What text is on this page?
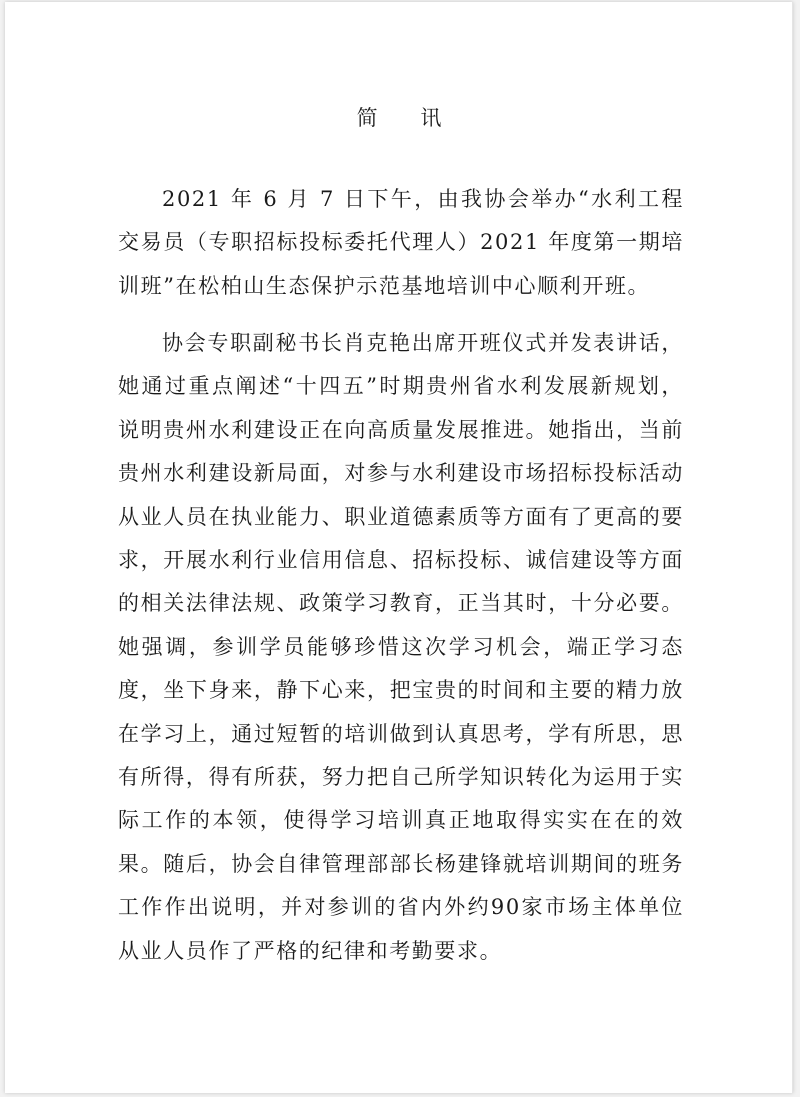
简 讯

2021 年 6 月 7 日下午，由我协会举办“水利工程交易员（专职招标投标委托代理人）2021 年度第一期培训班”在松柏山生态保护示范基地培训中心顺利开班。

协会专职副秘书长肖克艳出席开班仪式并发表讲话，她通过重点阐述“十四五”时期贵州省水利发展新规划，说明贵州水利建设正在向高质量发展推进。她指出，当前贵州水利建设新局面，对参与水利建设市场招标投标活动从业人员在执业能力、职业道德素质等方面有了更高的要求，开展水利行业信用信息、招标投标、诚信建设等方面的相关法律法规、政策学习教育，正当其时，十分必要。她强调，参训学员能够珍惜这次学习机会，端正学习态度，坐下身来，静下心来，把宝贵的时间和主要的精力放在学习上，通过短暂的培训做到认真思考，学有所思，思有所得，得有所获，努力把自己所学知识转化为运用于实际工作的本领，使得学习培训真正地取得实实在在的效果。随后，协会自律管理部部长杨建锋就培训期间的班务工作作出说明，并对参训的省内外约90家市场主体单位从业人员作了严格的纪律和考勤要求。
